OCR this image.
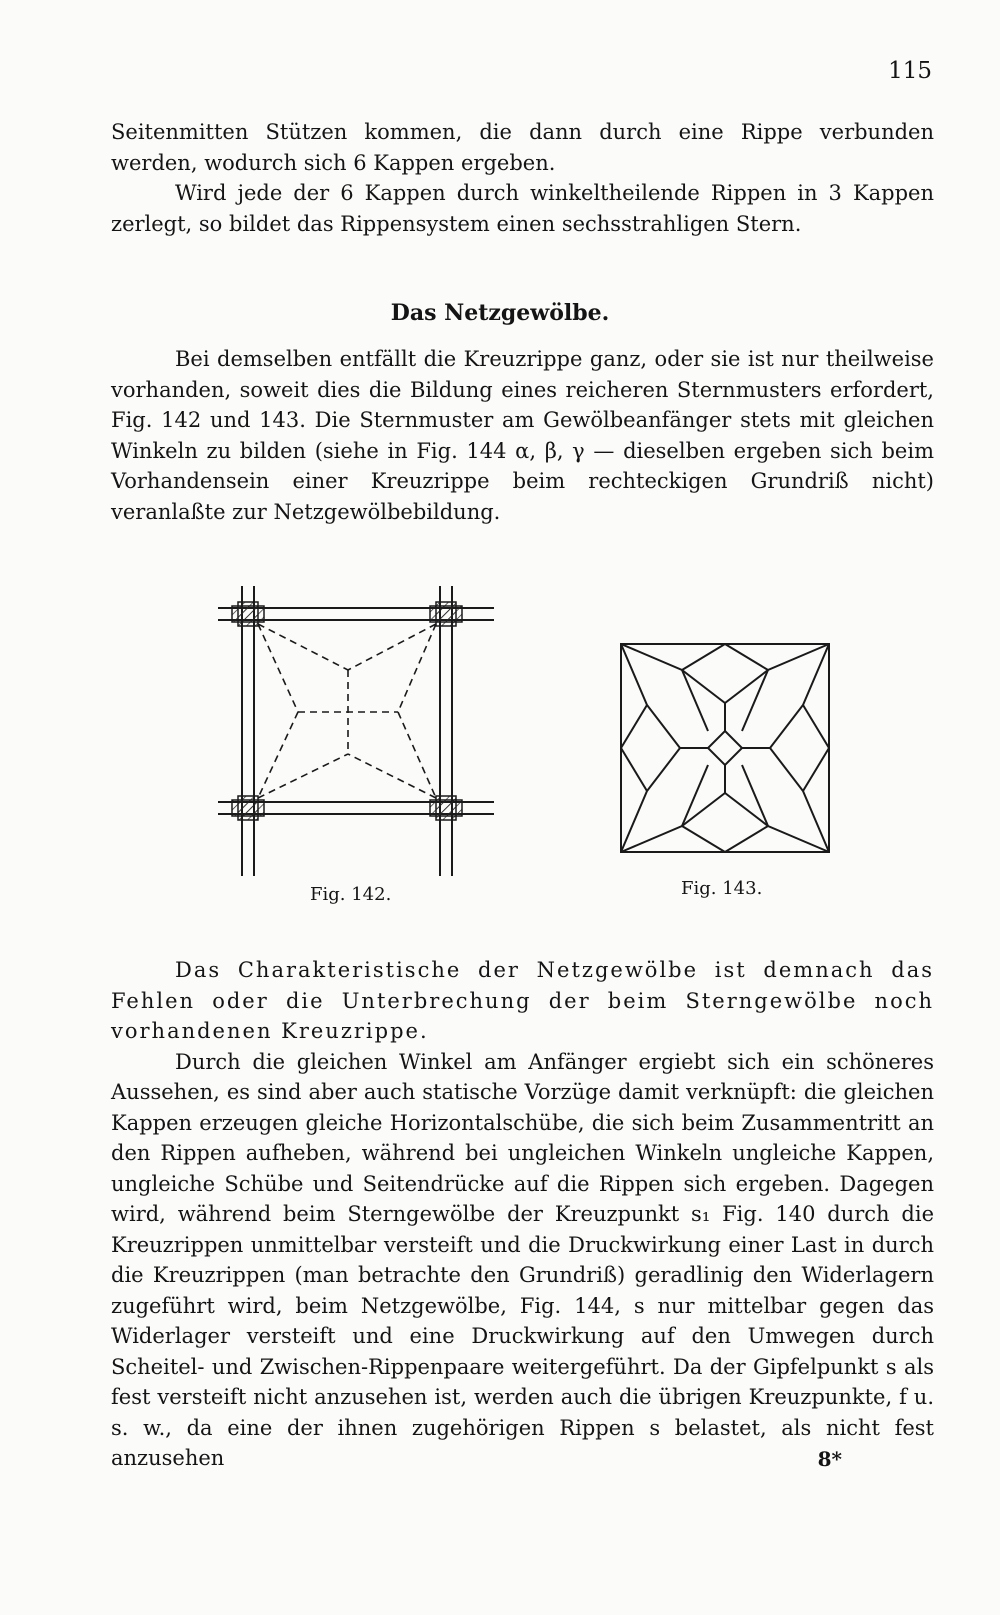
115

Seitenmitten Stützen kommen, die dann durch eine Rippe verbunden werden, wodurch sich 6 Kappen ergeben.

Wird jede der 6 Kappen durch winkeltheilende Rippen in 3 Kappen zerlegt, so bildet das Rippensystem einen sechsstrahligen Stern.

Das Netzgewölbe.

Bei demselben entfällt die Kreuzrippe ganz, oder sie ist nur theilweise vorhanden, soweit dies die Bildung eines reicheren Sternmusters erfordert, Fig. 142 und 143. Die Sternmuster am Gewölbeanfänger stets mit gleichen Winkeln zu bilden (siehe in Fig. 144 α, β, γ — dieselben ergeben sich beim Vorhandensein einer Kreuzrippe beim rechteckigen Grundriß nicht) veranlaßte zur Netzgewölbebildung.

Fig. 142.	Fig. 143.

Das Charakteristische der Netzgewölbe ist demnach das Fehlen oder die Unterbrechung der beim Sterngewölbe noch vorhandenen Kreuzrippe.

Durch die gleichen Winkel am Anfänger ergiebt sich ein schöneres Aussehen, es sind aber auch statische Vorzüge damit verknüpft: die gleichen Kappen erzeugen gleiche Horizontalschübe, die sich beim Zusammentritt an den Rippen aufheben, während bei ungleichen Winkeln ungleiche Kappen, ungleiche Schübe und Seitendrücke auf die Rippen sich ergeben. Dagegen wird, während beim Sterngewölbe der Kreuzpunkt s₁ Fig. 140 durch die Kreuzrippen unmittelbar versteift und die Druckwirkung einer Last in durch die Kreuzrippen (man betrachte den Grundriß) geradlinig den Widerlagern zugeführt wird, beim Netzgewölbe, Fig. 144, s nur mittelbar gegen das Widerlager versteift und eine Druckwirkung auf den Umwegen durch Scheitel- und Zwischen-Rippenpaare weitergeführt. Da der Gipfelpunkt s als fest versteift nicht anzusehen ist, werden auch die übrigen Kreuzpunkte, f u. s. w., da eine der ihnen zugehörigen Rippen s belastet, als nicht fest anzusehen	8*
